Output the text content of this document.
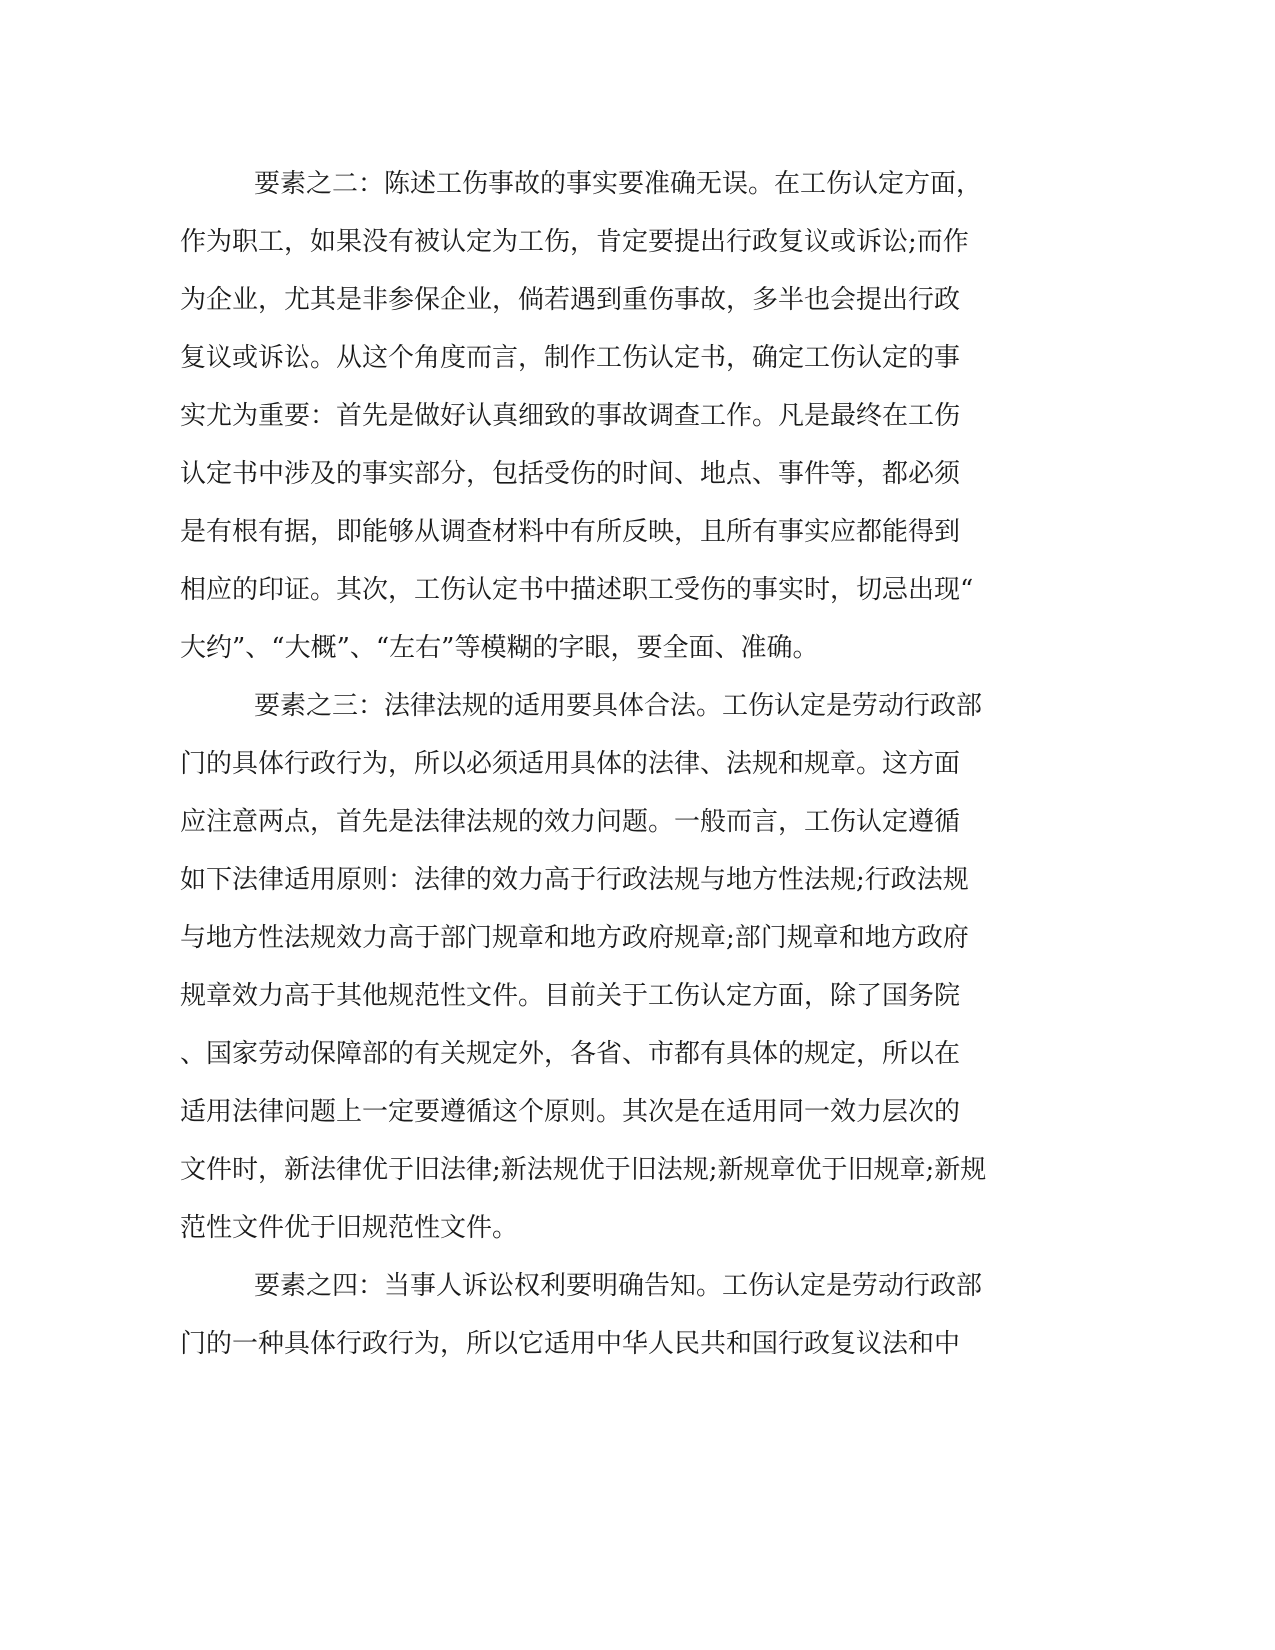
要素之二：陈述工伤事故的事实要准确无误。在工伤认定方面，
作为职工，如果没有被认定为工伤，肯定要提出行政复议或诉讼;而作
为企业，尤其是非参保企业，倘若遇到重伤事故，多半也会提出行政
复议或诉讼。从这个角度而言，制作工伤认定书，确定工伤认定的事
实尤为重要：首先是做好认真细致的事故调查工作。凡是最终在工伤
认定书中涉及的事实部分，包括受伤的时间、地点、事件等，都必须
是有根有据，即能够从调查材料中有所反映，且所有事实应都能得到
相应的印证。其次，工伤认定书中描述职工受伤的事实时，切忌出现“
大约”、“大概”、“左右”等模糊的字眼，要全面、准确。
要素之三：法律法规的适用要具体合法。工伤认定是劳动行政部
门的具体行政行为，所以必须适用具体的法律、法规和规章。这方面
应注意两点，首先是法律法规的效力问题。一般而言，工伤认定遵循
如下法律适用原则：法律的效力高于行政法规与地方性法规;行政法规
与地方性法规效力高于部门规章和地方政府规章;部门规章和地方政府
规章效力高于其他规范性文件。目前关于工伤认定方面，除了国务院
、国家劳动保障部的有关规定外，各省、市都有具体的规定，所以在
适用法律问题上一定要遵循这个原则。其次是在适用同一效力层次的
文件时，新法律优于旧法律;新法规优于旧法规;新规章优于旧规章;新规
范性文件优于旧规范性文件。
要素之四：当事人诉讼权利要明确告知。工伤认定是劳动行政部
门的一种具体行政行为，所以它适用中华人民共和国行政复议法和中
